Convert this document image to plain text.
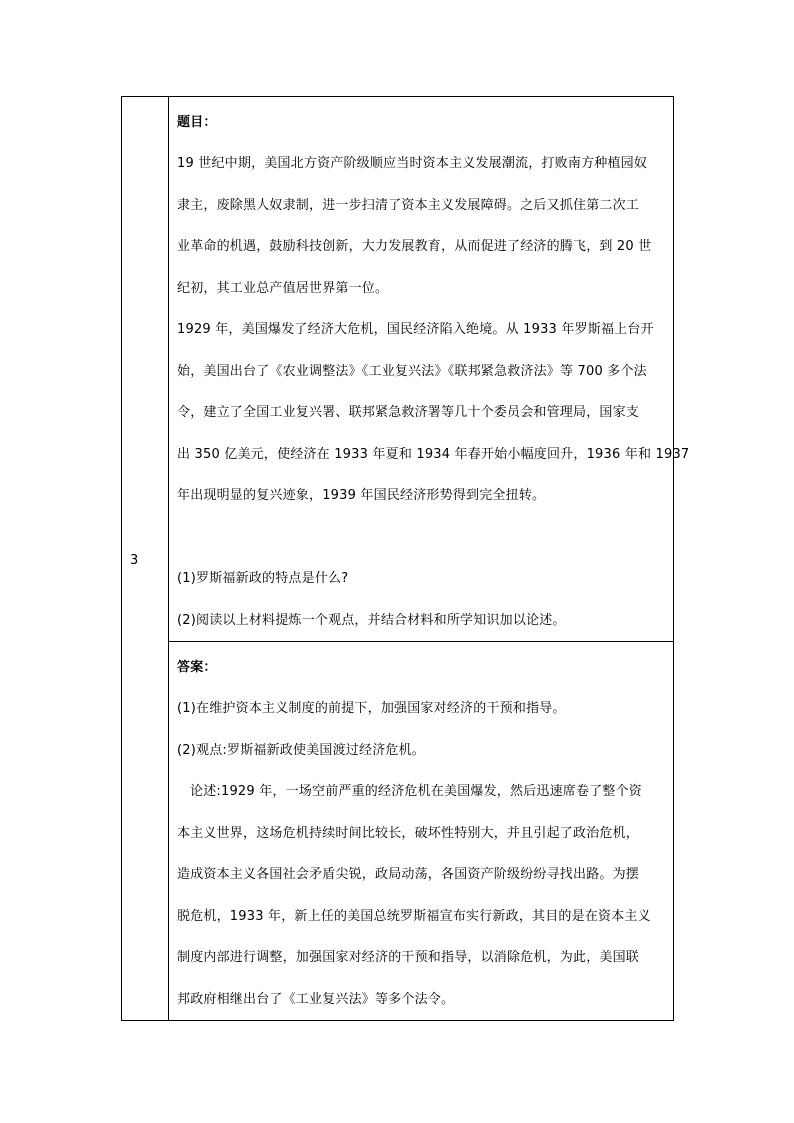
3	
题目：
19 世纪中期，美国北方资产阶级顺应当时资本主义发展潮流，打败南方种植园奴
隶主，废除黑人奴隶制，进一步扫清了资本主义发展障碍。之后又抓住第二次工
业革命的机遇，鼓励科技创新，大力发展教育，从而促进了经济的腾飞，到 20 世
纪初，其工业总产值居世界第一位。
1929 年，美国爆发了经济大危机，国民经济陷入绝境。从 1933 年罗斯福上台开
始，美国出台了《农业调整法》《工业复兴法》《联邦紧急救济法》等 700 多个法
令，建立了全国工业复兴署、联邦紧急救济署等几十个委员会和管理局，国家支
出 350 亿美元，使经济在 1933 年夏和 1934 年春开始小幅度回升，1936 年和 1937
年出现明显的复兴迹象，1939 年国民经济形势得到完全扭转。
(1)罗斯福新政的特点是什么?
(2)阅读以上材料提炼一个观点，并结合材料和所学知识加以论述。

答案：
(1)在维护资本主义制度的前提下，加强国家对经济的干预和指导。
(2)观点:罗斯福新政使美国渡过经济危机。
论述:1929 年，一场空前严重的经济危机在美国爆发，然后迅速席卷了整个资
本主义世界，这场危机持续时间比较长，破坏性特别大，并且引起了政治危机，
造成资本主义各国社会矛盾尖锐，政局动荡，各国资产阶级纷纷寻找出路。为摆
脱危机，1933 年，新上任的美国总统罗斯福宣布实行新政，其目的是在资本主义
制度内部进行调整，加强国家对经济的干预和指导，以消除危机，为此，美国联
邦政府相继出台了《工业复兴法》等多个法令。
